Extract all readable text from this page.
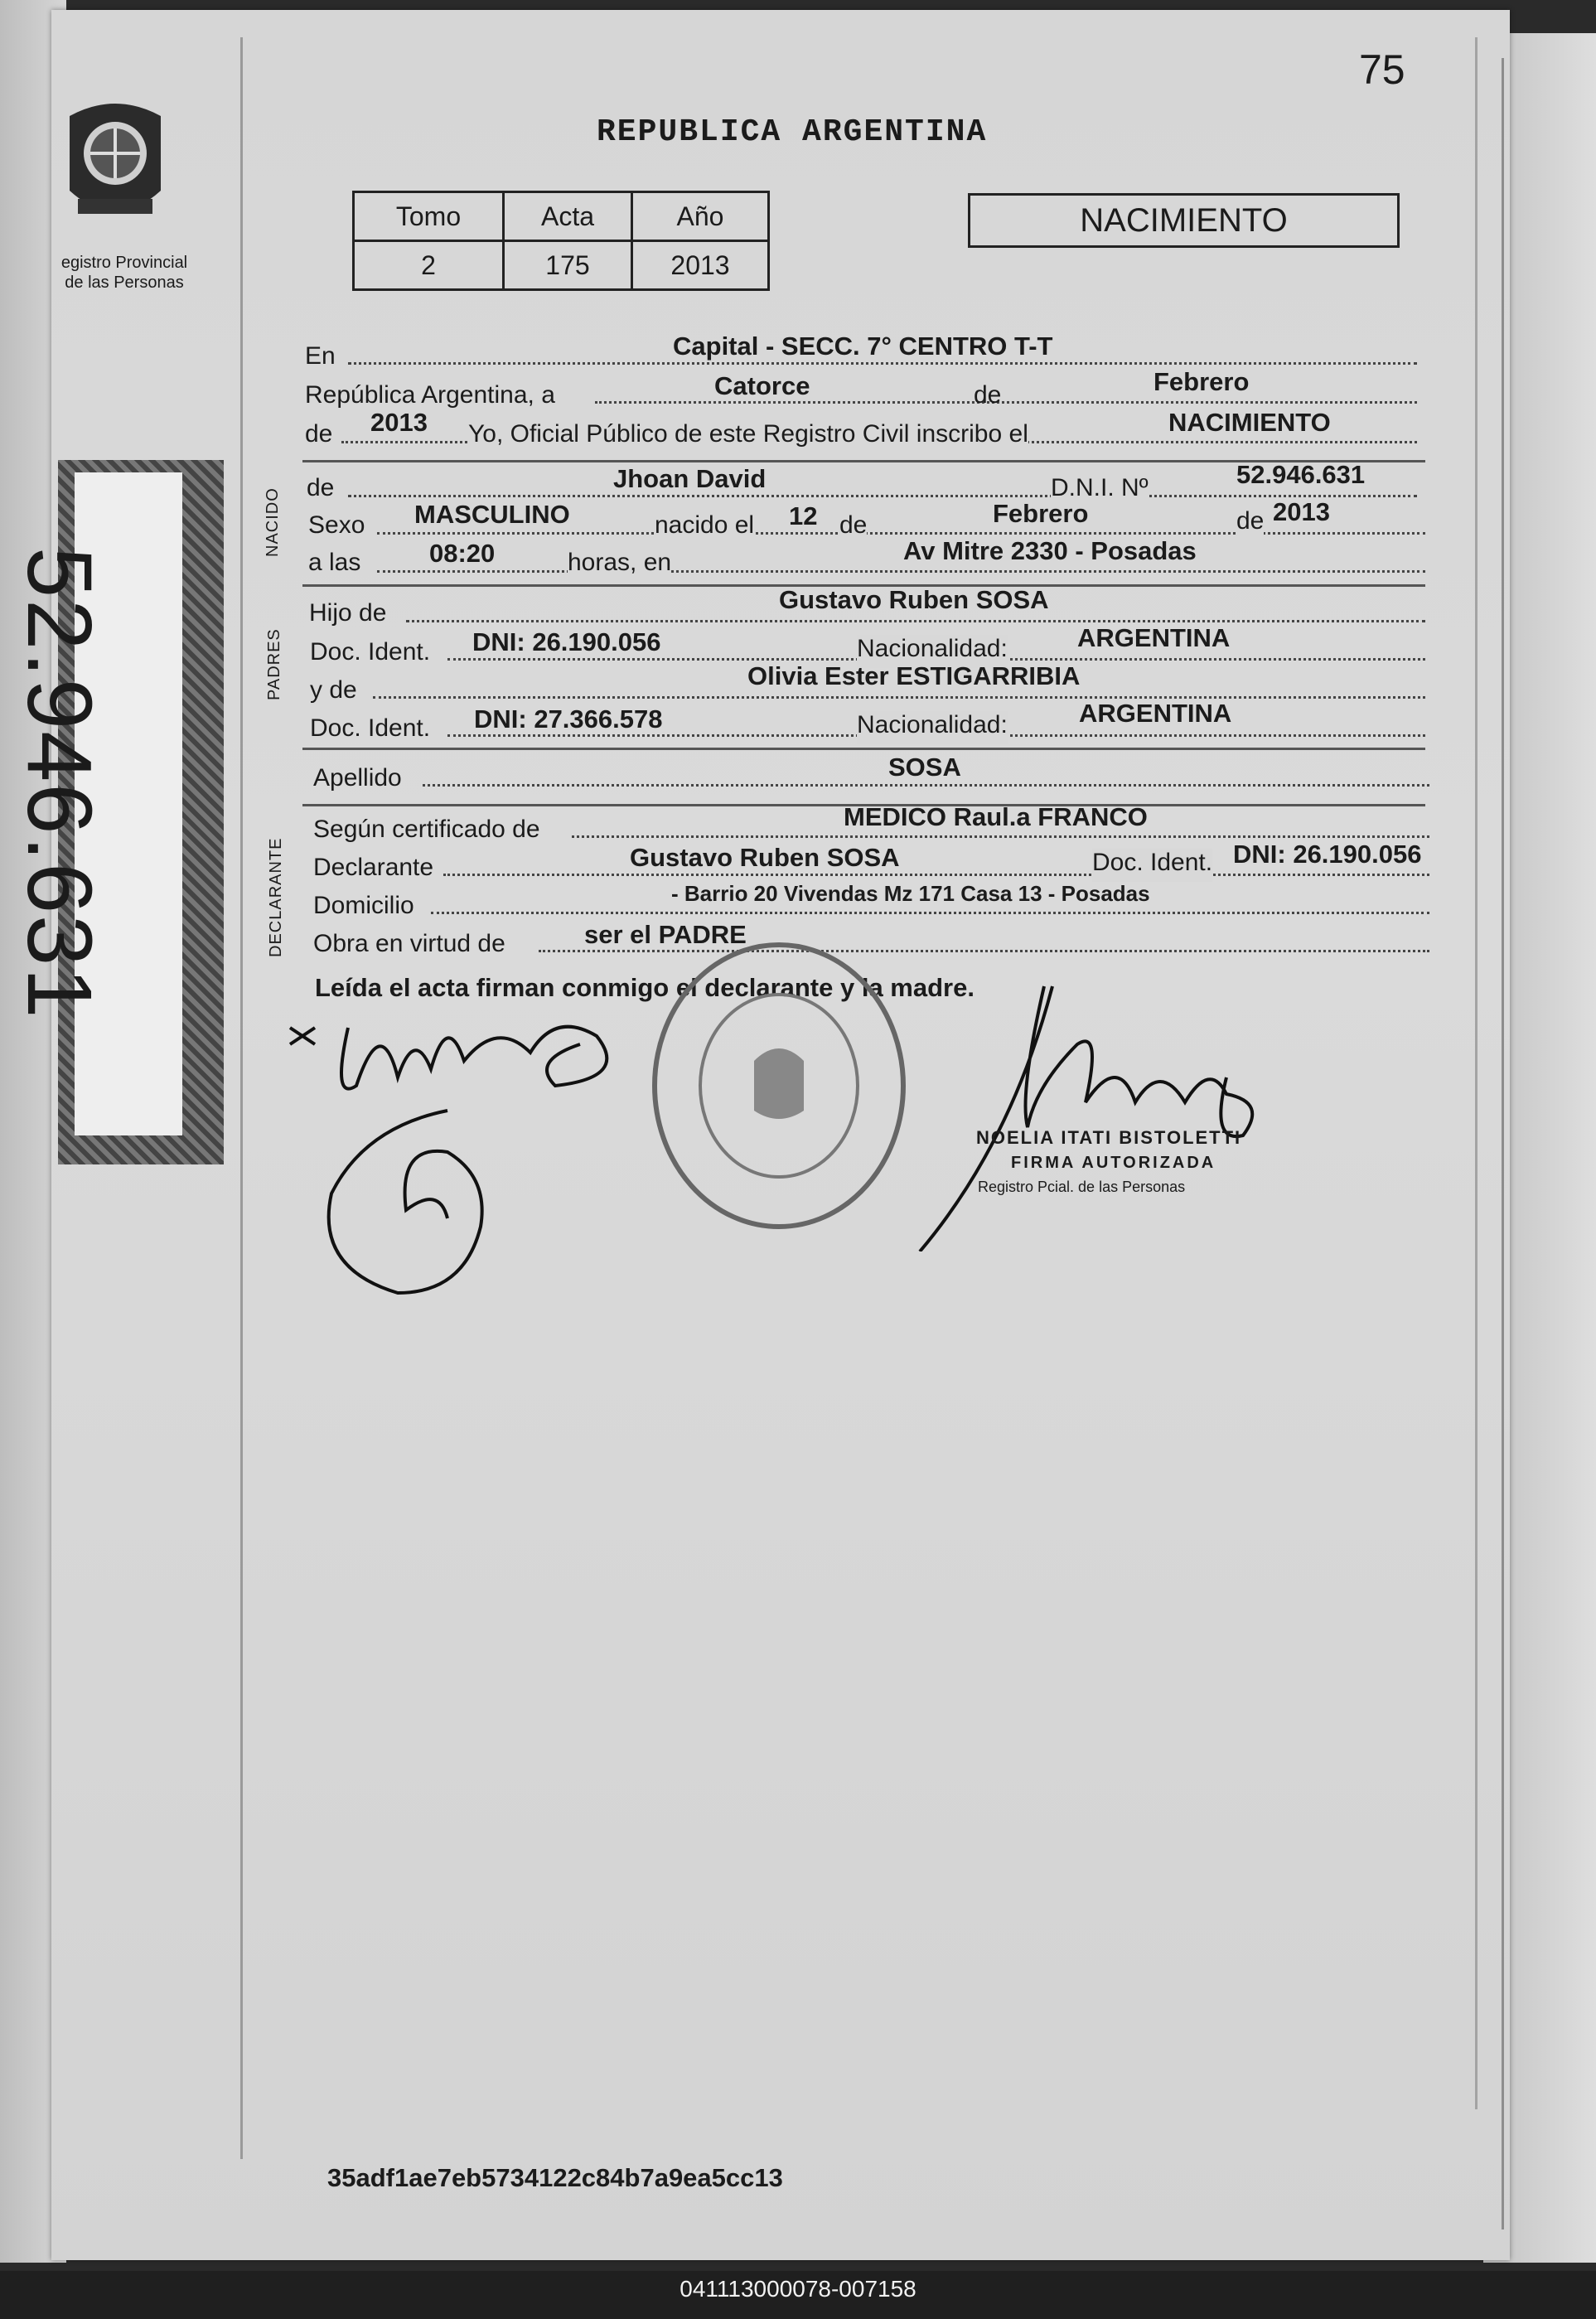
egistro Provincial
de las Personas
52.946.631
75
REPUBLICA ARGENTINA
Tomo	Acta	Año
2	175	2013
NACIMIENTO
En	Capital - SECC. 7° CENTRO T-T
República Argentina, a	Catorce	de	Febrero
de 2013 Yo, Oficial Público de este Registro Civil inscribo el	NACIMIENTO
NACIDO de	Jhoan David	D.N.I. Nº	52.946.631
Sexo MASCULINO	nacido el 12 de	Febrero	de 2013
a las	08:20	horas, en	Av Mitre 2330 - Posadas
PADRES
Hijo de	Gustavo Ruben SOSA
Doc. Ident. DNI: 26.190.056	Nacionalidad:	ARGENTINA
y de	Olivia Ester ESTIGARRIBIA
Doc. Ident. DNI: 27.366.578	Nacionalidad:	ARGENTINA
Apellido	SOSA
DECLARANTE
Según certificado de	MEDICO Raul.a FRANCO
Declarante	Gustavo Ruben SOSA	Doc. Ident. DNI: 26.190.056
Domicilio	- Barrio 20 Vivendas Mz 171 Casa 13 - Posadas
Obra en virtud de	ser el PADRE
Leída el acta firman conmigo el declarante y la madre.
NOELIA ITATI BISTOLETTI
FIRMA AUTORIZADA
Registro Pcial. de las Personas
35adf1ae7eb5734122c84b7a9ea5cc13
041113000078-007158
